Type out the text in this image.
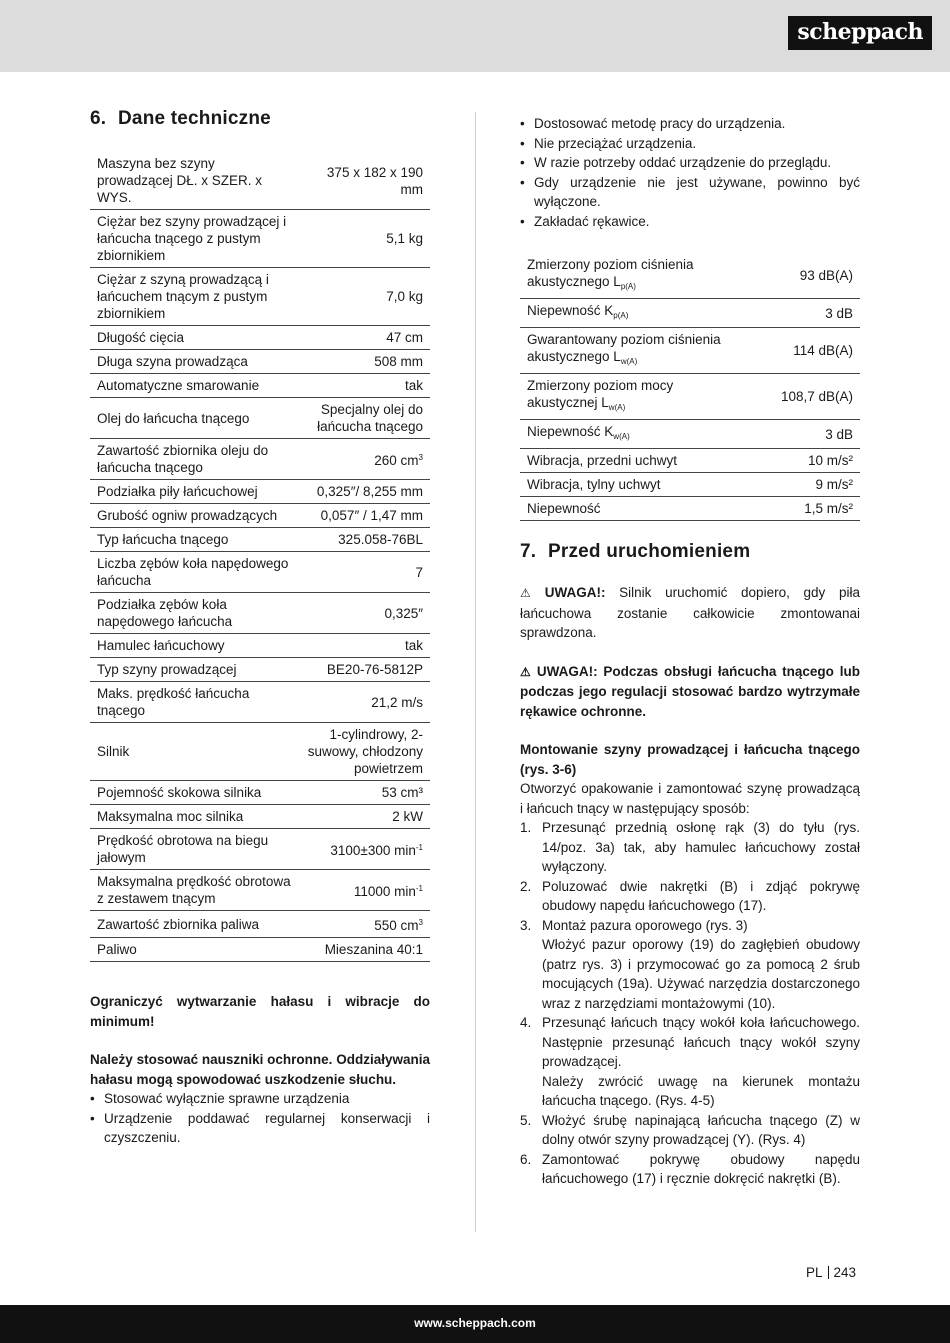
scheppach
6. Dane techniczne
Maszyna bez szyny prowadzącej DŁ. x SZER. x WYS.	375 x 182 x 190 mm
Ciężar bez szyny prowadzącej i łańcucha tnącego z pustym zbiornikiem	5,1 kg
Ciężar z szyną prowadzącą i łańcuchem tnącym z pustym zbiornikiem	7,0 kg
Długość cięcia	47 cm
Długa szyna prowadząca	508 mm
Automatyczne smarowanie	tak
Olej do łańcucha tnącego	Specjalny olej do łańcucha tnącego
Zawartość zbiornika oleju do łańcucha tnącego	260 $cm^3$
Podziałka piły łańcuchowej	0,325″/ 8,255 mm
Grubość ogniw prowadzących	0,057″ / 1,47 mm
Typ łańcucha tnącego	325.058-76BL
Liczba zębów koła napędowego łańcucha	7
Podziałka zębów koła napędowego łańcucha	0,325″
Hamulec łańcuchowy	tak
Typ szyny prowadzącej	BE20-76-5812P
Maks. prędkość łańcucha tnącego	21,2 m/s
Silnik	1-cylindrowy, 2-suwowy, chłodzony powietrzem
Pojemność skokowa silnika	53 cm³
Maksymalna moc silnika	2 kW
Prędkość obrotowa na biegu jałowym	3100±300 $\min^{-1}$
Maksymalna prędkość obrotowa z zestawem tnącym	11000 $\min^{-1}$
Zawartość zbiornika paliwa	550 $cm^3$
Paliwo	Mieszanina 40:1

Ograniczyć wytwarzanie hałasu i wibracje do minimum!

Należy stosować nauszniki ochronne. Oddziaływania hałasu mogą spowodować uszkodzenie słuchu.

• Stosować wyłącznie sprawne urządzenia
• Urządzenie poddawać regularnej konserwacji i czyszczeniu.
• Dostosować metodę pracy do urządzenia.
• Nie przeciążać urządzenia.
• W razie potrzeby oddać urządzenie do przeglądu.
• Gdy urządzenie nie jest używane, powinno być wyłączone.
• Zakładać rękawice.
Zmierzony poziom ciśnienia akustycznego $L_{p(A)}$	93 dB(A)
Niepewność $K_{p(A)}$	3 dB
Gwarantowany poziom ciśnienia akustycznego $L_{w(A)}$	114 dB(A)
Zmierzony poziom mocy akustycznej $L_{w(A)}$	108,7 dB(A)
Niepewność $K_{w(A)}$	3 dB
Wibracja, przedni uchwyt	10 m/s²
Wibracja, tylny uchwyt	9 m/s²
Niepewność	1,5 m/s²
7. Przed uruchomieniem

⚠ UWAGA!: Silnik uruchomić dopiero, gdy piła łańcuchowa zostanie całkowicie zmontowanai sprawdzona.

⚠ UWAGA!: Podczas obsługi łańcucha tnącego lub podczas jego regulacji stosować bardzo wytrzymałe rękawice ochronne.

Montowanie szyny prowadzącej i łańcucha tnącego (rys. 3-6)

Otworzyć opakowanie i zamontować szynę prowadzącą i łańcuch tnący w następujący sposób:

1. Przesunąć przednią osłonę rąk (3) do tyłu (rys. 14/poz. 3a) tak, aby hamulec łańcuchowy został wyłączony.
2. Poluzować dwie nakrętki (B) i zdjąć pokrywę obudowy napędu łańcuchowego (17).
3. Montaż pazura oporowego (rys. 3)
Włożyć pazur oporowy (19) do zagłębień obudowy (patrz rys. 3) i przymocować go za pomocą 2 śrub mocujących (19a). Używać narzędzia dostarczonego wraz z narzędziami montażowymi (10).
4. Przesunąć łańcuch tnący wokół koła łańcuchowego. Następnie przesunąć łańcuch tnący wokół szyny prowadzącej.
Należy zwrócić uwagę na kierunek montażu łańcucha tnącego. (Rys. 4-5)
5. Włożyć śrubę napinającą łańcucha tnącego (Z) w dolny otwór szyny prowadzącej (Y). (Rys. 4)
6. Zamontować pokrywę obudowy napędu łańcuchowego (17) i ręcznie dokręcić nakrętki (B).
PL 243
www.scheppach.com
